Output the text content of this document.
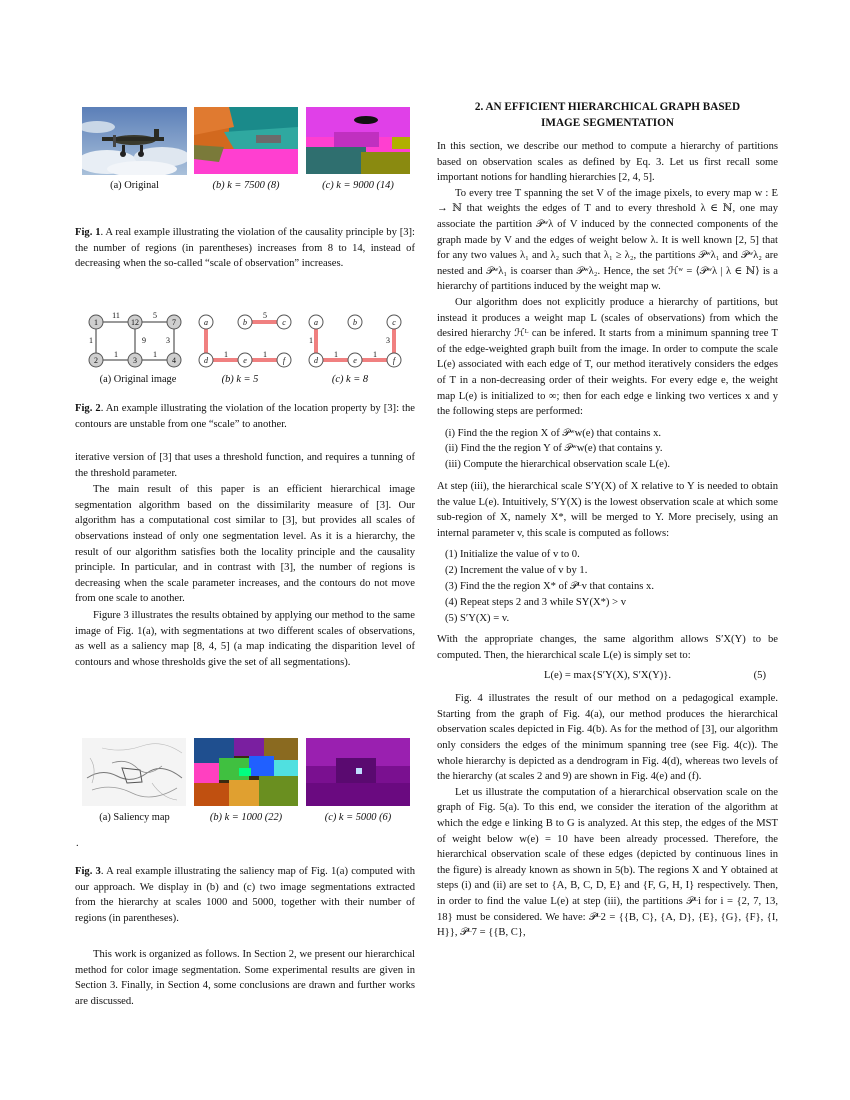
(a) Original	(b) k = 7500 (8)	(c) k = 9000 (14)

Fig. 1. A real example illustrating the violation of the causality principle by [3]: the number of regions (in parentheses) increases from 8 to 14, instead of decreasing when the so-called “scale of observation” increases.

1	12	7
2	3	4
11	5
1	9	3
1	1
a	b	c
d	e	f
5
1	1
a	b	c
d	e	f
1
1	1
3
(a) Original image	(b) k = 5	(c) k = 8

Fig. 2. An example illustrating the violation of the location property by [3]: the contours are unstable from one “scale” to another.

iterative version of [3] that uses a threshold function, and requires a tunning of the threshold parameter.

The main result of this paper is an efficient hierarchical image segmentation algorithm based on the dissimilarity measure of [3]. Our algorithm has a computational cost similar to [3], but provides all scales of observations instead of only one segmentation level. As it is a hierarchy, the result of our algorithm satisfies both the locality principle and the causality principle. In particular, and in contrast with [3], the number of regions is decreasing when the scale parameter increases, and the contours do not move from one scale to another.

Figure 3 illustrates the results obtained by applying our method to the same image of Fig. 1(a), with segmentations at two different scales of observations, as well as a saliency map [8, 4, 5] (a map indicating the disparition level of contours and whose thresholds give the set of all segmentations).

(a) Saliency map	(b) k = 1000 (22)	(c) k = 5000 (6)
.

Fig. 3. A real example illustrating the saliency map of Fig. 1(a) computed with our approach. We display in (b) and (c) two image segmentations extracted from the hierarchy at scales 1000 and 5000, together with their number of regions (in parentheses).

This work is organized as follows. In Section 2, we present our hierarchical method for color image segmentation. Some experimental results are given in Section 3. Finally, in Section 4, some conclusions are drawn and further works are discussed.

2. AN EFFICIENT HIERARCHICAL GRAPH BASED
IMAGE SEGMENTATION

In this section, we describe our method to compute a hierarchy of partitions based on observation scales as defined by Eq. 3. Let us first recall some important notions for handling hierarchies [2, 4, 5].

To every tree T spanning the set V of the image pixels, to every map w : E → ℕ that weights the edges of T and to every threshold λ ∈ ℕ, one may associate the partition 𝒫ʷλ of V induced by the connected components of the graph made by V and the edges of weight below λ. It is well known [2, 5] that for any two values λ₁ and λ₂ such that λ₁ ≥ λ₂, the partitions 𝒫ʷλ₁ and 𝒫ʷλ₂ are nested and 𝒫ʷλ₁ is coarser than 𝒫ʷλ₂. Hence, the set ℋʷ = ⟨𝒫ʷλ | λ ∈ ℕ⟩ is a hierarchy of partitions induced by the weight map w.

Our algorithm does not explicitly produce a hierarchy of partitions, but instead it produces a weight map L (scales of observations) from which the desired hierarchy ℋᴸ can be infered. It starts from a minimum spanning tree T of the edge-weighted graph built from the image. In order to compute the scale L(e) associated with each edge of T, our method iteratively considers the edges of T in a non-decreasing order of their weights. For every edge e, the weight map L(e) is initialized to ∞; then for each edge e linking two vertices x and y the following steps are performed:

(i) Find the the region X of 𝒫ʷw(e) that contains x.
(ii) Find the the region Y of 𝒫ʷw(e) that contains y.
(iii) Compute the hierarchical observation scale L(e).

At step (iii), the hierarchical scale S′Y(X) of X relative to Y is needed to obtain the value L(e). Intuitively, S′Y(X) is the lowest observation scale at which some sub-region of X, namely X*, will be merged to Y. More precisely, using an internal parameter v, this scale is computed as follows:

(1) Initialize the value of v to 0.
(2) Increment the value of v by 1.
(3) Find the the region X* of 𝒫ᴸv that contains x.
(4) Repeat steps 2 and 3 while SY(X*) > v
(5) S′Y(X) = v.

With the appropriate changes, the same algorithm allows S′X(Y) to be computed. Then, the hierarchical scale L(e) is simply set to:

L(e) = max{S′Y(X), S′X(Y)}.	(5)

Fig. 4 illustrates the result of our method on a pedagogical example. Starting from the graph of Fig. 4(a), our method produces the hierarchical observation scales depicted in Fig. 4(b). As for the method of [3], our algorithm only considers the edges of the minimum spanning tree (see Fig. 4(c)). The whole hierarchy is depicted as a dendrogram in Fig. 4(d), whereas two levels of the hierarchy (at scales 2 and 9) are shown in Fig. 4(e) and (f).

Let us illustrate the computation of a hierarchical observation scale on the graph of Fig. 5(a). To this end, we consider the iteration of the algorithm at which the edge e linking B to G is analyzed. At this step, the edges of the MST of weight below w(e) = 10 have been already processed. Therefore, the hierarchical observation scale of these edges (depicted by continuous lines in the figure) is already known as shown in 5(b). The regions X and Y obtained at steps (i) and (ii) are set to {A, B, C, D, E} and {F, G, H, I} respectively. Then, in order to find the value L(e) at step (iii), the partitions 𝒫ᴸi for i = {2, 7, 13, 18} must be considered. We have: 𝒫ᴸ2 = {{B, C}, {A, D}, {E}, {G}, {F}, {I, H}}, 𝒫ᴸ7 = {{B, C},
